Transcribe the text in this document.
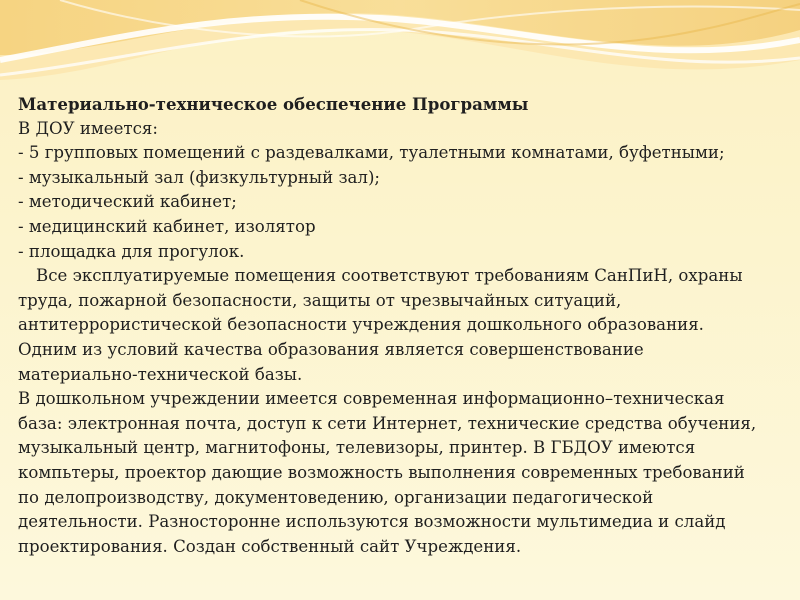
Материально-техническое обеспечение Программы
В ДОУ имеется:
- 5 групповых помещений с раздевалками, туалетными комнатами, буфетными;
- музыкальный зал (физкультурный зал);
- методический кабинет;
- медицинский кабинет, изолятор
- площадка для прогулок.
Все эксплуатируемые помещения соответствуют требованиям СанПиН, охраны
труда, пожарной безопасности, защиты от чрезвычайных ситуаций,
антитеррористической безопасности учреждения дошкольного образования.
Одним из условий качества образования является совершенствование
материально-технической базы.
В дошкольном учреждении имеется современная информационно–техническая
база: электронная почта, доступ к сети Интернет, технические средства обучения,
музыкальный центр, магнитофоны, телевизоры, принтер. В ГБДОУ имеются
компьтеры, проектор дающие возможность выполнения современных требований
по делопроизводству, документоведению, организации педагогической
деятельности. Разносторонне используются возможности мультимедиа и слайд
проектирования. Создан собственный сайт Учреждения.
